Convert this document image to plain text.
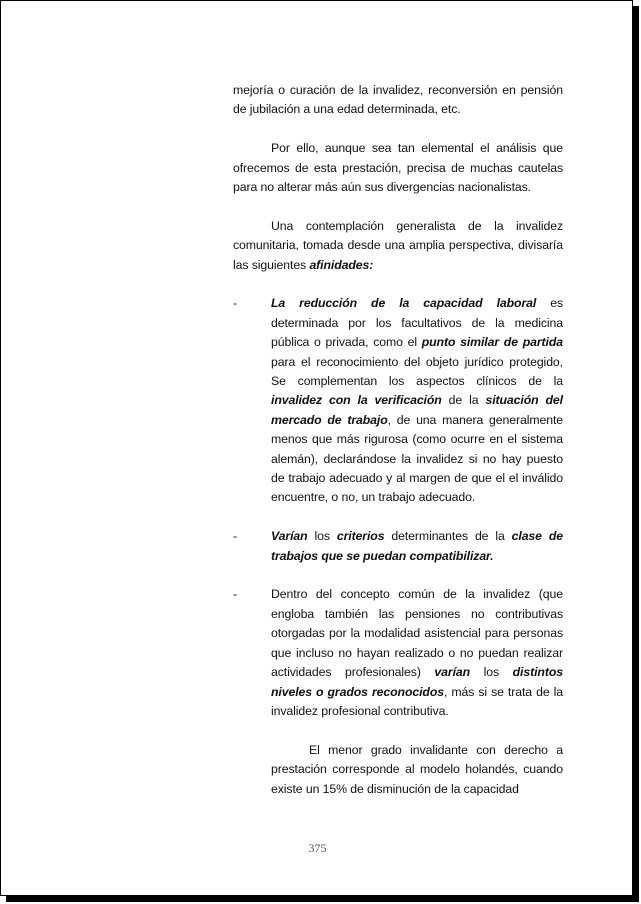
mejoría o curación de la invalidez, reconversión en pensión de jubilación a una edad determinada, etc.

Por ello, aunque sea tan elemental el análisis que ofrecemos de esta prestación, precisa de muchas cautelas para no alterar más aún sus divergencias nacionalistas.

Una contemplación generalista de la invalidez comunitaria, tomada desde una amplia perspectiva, divisaría las siguientes afinidades:

-	La reducción de la capacidad laboral es determinada por los facultativos de la medicina pública o privada, como el punto similar de partida para el reconocimiento del objeto jurídico protegido, Se complementan los aspectos clínicos de la invalidez con la verificación de la situación del mercado de trabajo, de una manera generalmente menos que más rigurosa (como ocurre en el sistema alemán), declarándose la invalidez si no hay puesto de trabajo adecuado y al margen de que el el inválido encuentre, o no, un trabajo adecuado.

-	Varían los criterios determinantes de la clase de trabajos que se puedan compatibilizar.

-	Dentro del concepto común de la invalidez (que engloba también las pensiones no contributivas otorgadas por la modalidad asistencial para personas que incluso no hayan realizado o no puedan realizar actividades profesionales) varían los distintos niveles o grados reconocidos, más si se trata de la invalidez profesional contributiva.

El menor grado invalidante con derecho a prestación corresponde al modelo holandés, cuando existe un 15% de disminución de la capacidad

375
